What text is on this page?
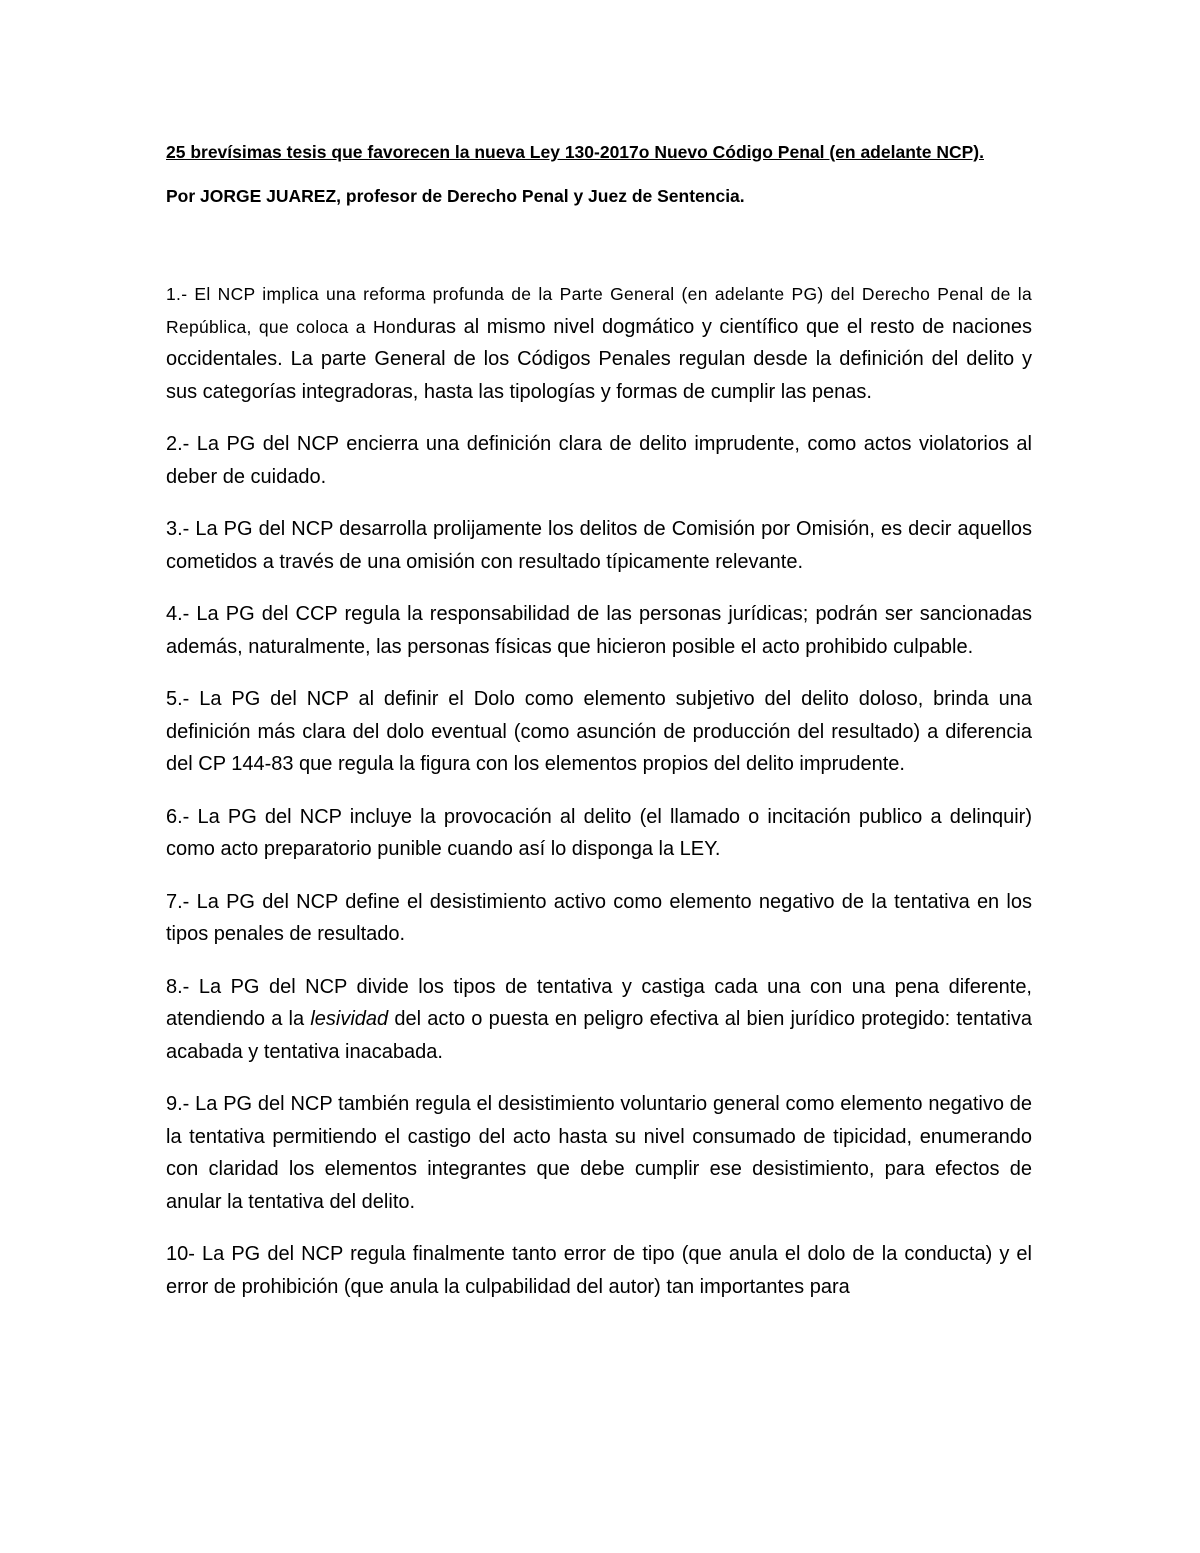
25 brevísimas tesis que favorecen la nueva Ley 130-2017o Nuevo Código Penal (en adelante NCP).

Por JORGE JUAREZ, profesor de Derecho Penal y Juez de Sentencia.

1.- El NCP implica una reforma profunda de la Parte General (en adelante PG) del Derecho Penal de la República, que coloca a Honduras al mismo nivel dogmático y científico que el resto de naciones occidentales. La parte General de los Códigos Penales regulan desde la definición del delito y sus categorías integradoras, hasta las tipologías y formas de cumplir las penas.

2.- La PG del NCP encierra una definición clara de delito imprudente, como actos violatorios al deber de cuidado.

3.- La PG del NCP desarrolla prolijamente los delitos de Comisión por Omisión, es decir aquellos cometidos a través de una omisión con resultado típicamente relevante.

4.- La PG del CCP regula la responsabilidad de las personas jurídicas; podrán ser sancionadas además, naturalmente, las personas físicas que hicieron posible el acto prohibido culpable.

5.- La PG del NCP al definir el Dolo como elemento subjetivo del delito doloso, brinda una definición más clara del dolo eventual (como asunción de producción del resultado) a diferencia del CP 144-83 que regula la figura con los elementos propios del delito imprudente.

6.- La PG del NCP incluye la provocación al delito (el llamado o incitación publico a delinquir) como acto preparatorio punible cuando así lo disponga la LEY.

7.- La PG del NCP define el desistimiento activo como elemento negativo de la tentativa en los tipos penales de resultado.

8.- La PG del NCP divide los tipos de tentativa y castiga cada una con una pena diferente, atendiendo a la lesividad del acto o puesta en peligro efectiva al bien jurídico protegido: tentativa acabada y tentativa inacabada.

9.- La PG del NCP también regula el desistimiento voluntario general como elemento negativo de la tentativa permitiendo el castigo del acto hasta su nivel consumado de tipicidad, enumerando con claridad los elementos integrantes que debe cumplir ese desistimiento, para efectos de anular la tentativa del delito.

10- La PG del NCP regula finalmente tanto error de tipo (que anula el dolo de la conducta) y el error de prohibición (que anula la culpabilidad del autor) tan importantes para
